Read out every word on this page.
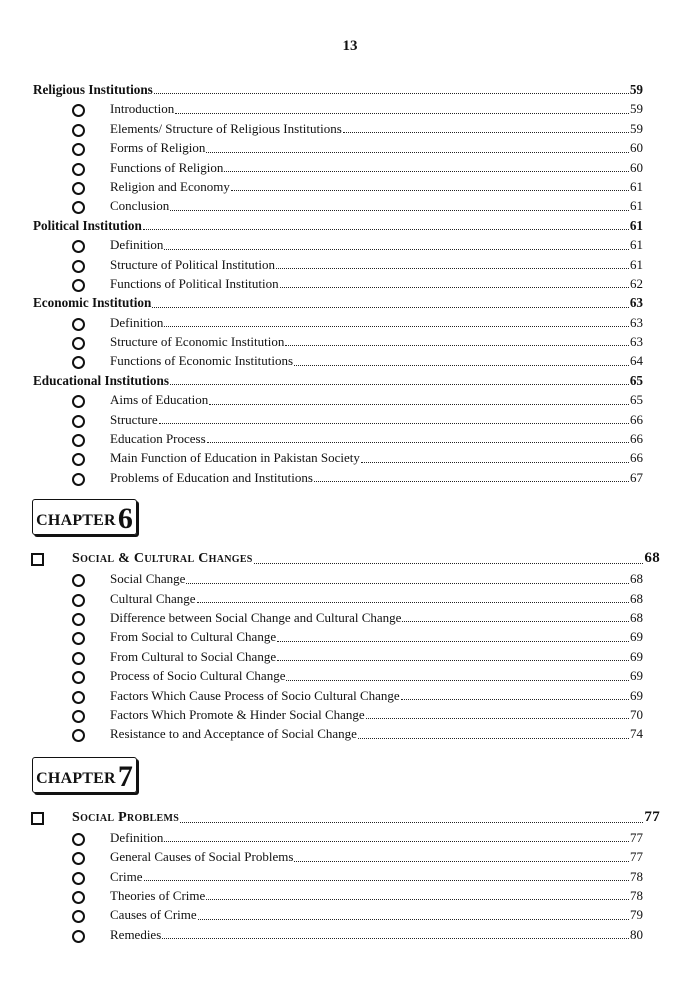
13
Religious Institutions	59
Introduction	59
Elements/ Structure of Religious Institutions	59
Forms of Religion	60
Functions of Religion	60
Religion and Economy	61
Conclusion	61
Political Institution	61
Definition	61
Structure of Political Institution	61
Functions of Political Institution	62
Economic Institution	63
Definition	63
Structure of Economic Institution	63
Functions of Economic Institutions	64
Educational Institutions	65
Aims of Education	65
Structure	66
Education Process	66
Main Function of Education in Pakistan Society	66
Problems of Education and Institutions	67
CHAPTER 6
Social & Cultural Changes	68
Social Change	68
Cultural Change	68
Difference between Social Change and Cultural Change	68
From Social to Cultural Change	69
From Cultural to Social Change	69
Process of Socio Cultural Change	69
Factors Which Cause Process of Socio Cultural Change	69
Factors Which Promote & Hinder Social Change	70
Resistance to and Acceptance of Social Change	74
CHAPTER 7
Social Problems	77
Definition	77
General Causes of Social Problems	77
Crime	78
Theories of Crime	78
Causes of Crime	79
Remedies	80
